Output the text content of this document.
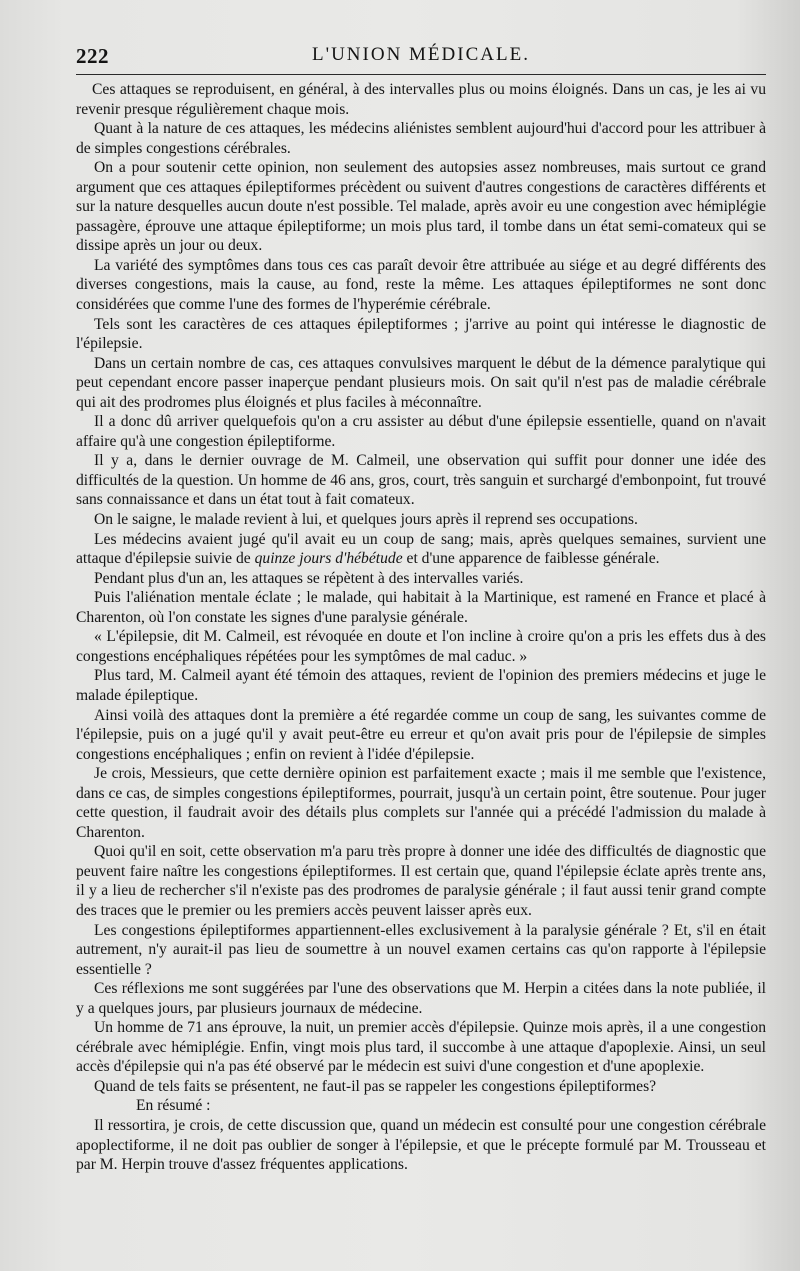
222	L'UNION MÉDICALE.

Ces attaques se reproduisent, en général, à des intervalles plus ou moins éloignés. Dans un cas, je les ai vu revenir presque régulièrement chaque mois.

Quant à la nature de ces attaques, les médecins aliénistes semblent aujourd'hui d'accord pour les attribuer à de simples congestions cérébrales.

On a pour soutenir cette opinion, non seulement des autopsies assez nombreuses, mais surtout ce grand argument que ces attaques épileptiformes précèdent ou suivent d'autres congestions de caractères différents et sur la nature desquelles aucun doute n'est possible. Tel malade, après avoir eu une congestion avec hémiplégie passagère, éprouve une attaque épileptiforme; un mois plus tard, il tombe dans un état semi-comateux qui se dissipe après un jour ou deux.

La variété des symptômes dans tous ces cas paraît devoir être attribuée au siége et au degré différents des diverses congestions, mais la cause, au fond, reste la même. Les attaques épileptiformes ne sont donc considérées que comme l'une des formes de l'hyperémie cérébrale.

Tels sont les caractères de ces attaques épileptiformes ; j'arrive au point qui intéresse le diagnostic de l'épilepsie.

Dans un certain nombre de cas, ces attaques convulsives marquent le début de la démence paralytique qui peut cependant encore passer inaperçue pendant plusieurs mois. On sait qu'il n'est pas de maladie cérébrale qui ait des prodromes plus éloignés et plus faciles à méconnaître.

Il a donc dû arriver quelquefois qu'on a cru assister au début d'une épilepsie essentielle, quand on n'avait affaire qu'à une congestion épileptiforme.

Il y a, dans le dernier ouvrage de M. Calmeil, une observation qui suffit pour donner une idée des difficultés de la question. Un homme de 46 ans, gros, court, très sanguin et surchargé d'embonpoint, fut trouvé sans connaissance et dans un état tout à fait comateux.

On le saigne, le malade revient à lui, et quelques jours après il reprend ses occupations.

Les médecins avaient jugé qu'il avait eu un coup de sang; mais, après quelques semaines, survient une attaque d'épilepsie suivie de quinze jours d'hébétude et d'une apparence de faiblesse générale.

Pendant plus d'un an, les attaques se répètent à des intervalles variés.

Puis l'aliénation mentale éclate ; le malade, qui habitait à la Martinique, est ramené en France et placé à Charenton, où l'on constate les signes d'une paralysie générale.

« L'épilepsie, dit M. Calmeil, est révoquée en doute et l'on incline à croire qu'on a pris les effets dus à des congestions encéphaliques répétées pour les symptômes de mal caduc. »

Plus tard, M. Calmeil ayant été témoin des attaques, revient de l'opinion des premiers médecins et juge le malade épileptique.

Ainsi voilà des attaques dont la première a été regardée comme un coup de sang, les suivantes comme de l'épilepsie, puis on a jugé qu'il y avait peut-être eu erreur et qu'on avait pris pour de l'épilepsie de simples congestions encéphaliques ; enfin on revient à l'idée d'épilepsie.

Je crois, Messieurs, que cette dernière opinion est parfaitement exacte ; mais il me semble que l'existence, dans ce cas, de simples congestions épileptiformes, pourrait, jusqu'à un certain point, être soutenue. Pour juger cette question, il faudrait avoir des détails plus complets sur l'année qui a précédé l'admission du malade à Charenton.

Quoi qu'il en soit, cette observation m'a paru très propre à donner une idée des difficultés de diagnostic que peuvent faire naître les congestions épileptiformes. Il est certain que, quand l'épilepsie éclate après trente ans, il y a lieu de rechercher s'il n'existe pas des prodromes de paralysie générale ; il faut aussi tenir grand compte des traces que le premier ou les premiers accès peuvent laisser après eux.

Les congestions épileptiformes appartiennent-elles exclusivement à la paralysie générale ? Et, s'il en était autrement, n'y aurait-il pas lieu de soumettre à un nouvel examen certains cas qu'on rapporte à l'épilepsie essentielle ?

Ces réflexions me sont suggérées par l'une des observations que M. Herpin a citées dans la note publiée, il y a quelques jours, par plusieurs journaux de médecine.

Un homme de 71 ans éprouve, la nuit, un premier accès d'épilepsie. Quinze mois après, il a une congestion cérébrale avec hémiplégie. Enfin, vingt mois plus tard, il succombe à une attaque d'apoplexie. Ainsi, un seul accès d'épilepsie qui n'a pas été observé par le médecin est suivi d'une congestion et d'une apoplexie.

Quand de tels faits se présentent, ne faut-il pas se rappeler les congestions épileptiformes?

En résumé :

Il ressortira, je crois, de cette discussion que, quand un médecin est consulté pour une congestion cérébrale apoplectiforme, il ne doit pas oublier de songer à l'épilepsie, et que le précepte formulé par M. Trousseau et par M. Herpin trouve d'assez fréquentes applications.
